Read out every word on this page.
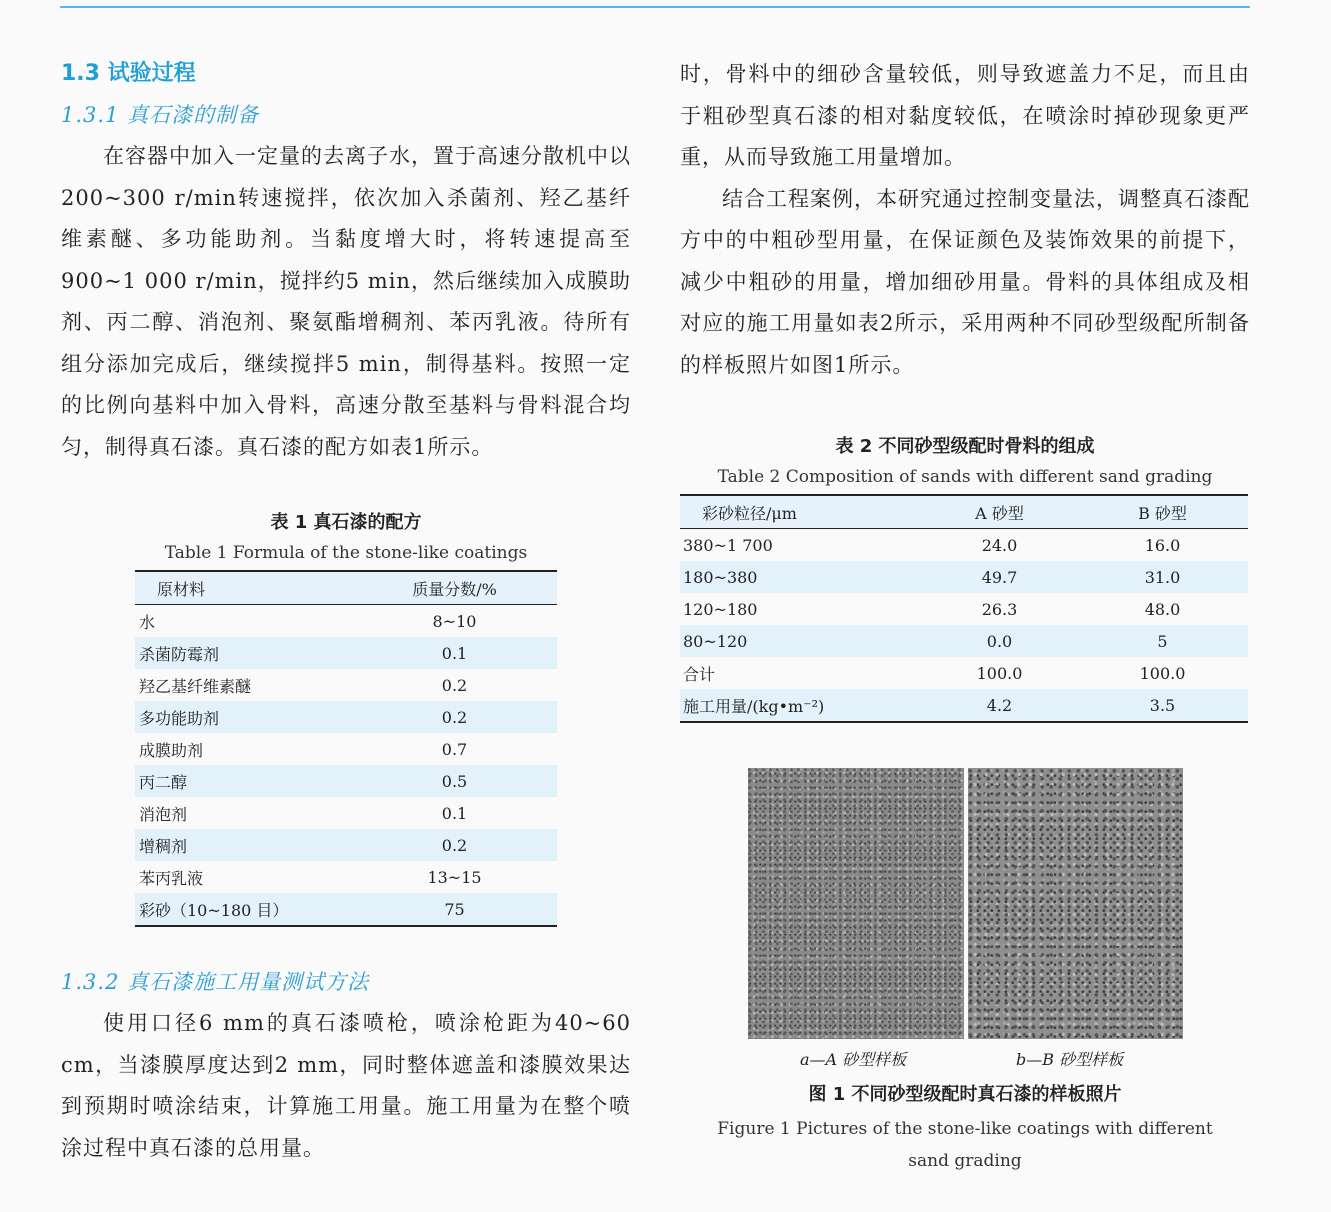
1.3 试验过程
1.3.1 真石漆的制备

在容器中加入一定量的去离子水，置于高速分散机中以200~300 r/min转速搅拌，依次加入杀菌剂、羟乙基纤维素醚、多功能助剂。当黏度增大时，将转速提高至900~1 000 r/min，搅拌约5 min，然后继续加入成膜助剂、丙二醇、消泡剂、聚氨酯增稠剂、苯丙乳液。待所有组分添加完成后，继续搅拌5 min，制得基料。按照一定的比例向基料中加入骨料，高速分散至基料与骨料混合均匀，制得真石漆。真石漆的配方如表1所示。

表 1 真石漆的配方
Table 1 Formula of the stone-like coatings
原材料	质量分数/%
水	8~10
杀菌防霉剂	0.1
羟乙基纤维素醚	0.2
多功能助剂	0.2
成膜助剂	0.7
丙二醇	0.5
消泡剂	0.1
增稠剂	0.2
苯丙乳液	13~15
彩砂（10~180 目）	75
1.3.2 真石漆施工用量测试方法

使用口径6 mm的真石漆喷枪，喷涂枪距为40~60 cm，当漆膜厚度达到2 mm，同时整体遮盖和漆膜效果达到预期时喷涂结束，计算施工用量。施工用量为在整个喷涂过程中真石漆的总用量。

时，骨料中的细砂含量较低，则导致遮盖力不足，而且由于粗砂型真石漆的相对黏度较低，在喷涂时掉砂现象更严重，从而导致施工用量增加。

结合工程案例，本研究通过控制变量法，调整真石漆配方中的中粗砂型用量，在保证颜色及装饰效果的前提下，减少中粗砂的用量，增加细砂用量。骨料的具体组成及相对应的施工用量如表2所示，采用两种不同砂型级配所制备的样板照片如图1所示。

表 2 不同砂型级配时骨料的组成
Table 2 Composition of sands with different sand grading
彩砂粒径/μm	A 砂型	B 砂型
380~1 700	24.0	16.0
180~380	49.7	31.0
120~180	26.3	48.0
80~120	0.0	5
合计	100.0	100.0
施工用量/(kg•m⁻²)	4.2	3.5
a—A 砂型样板	b—B 砂型样板
图 1 不同砂型级配时真石漆的样板照片
Figure 1 Pictures of the stone-like coatings with different sand grading
